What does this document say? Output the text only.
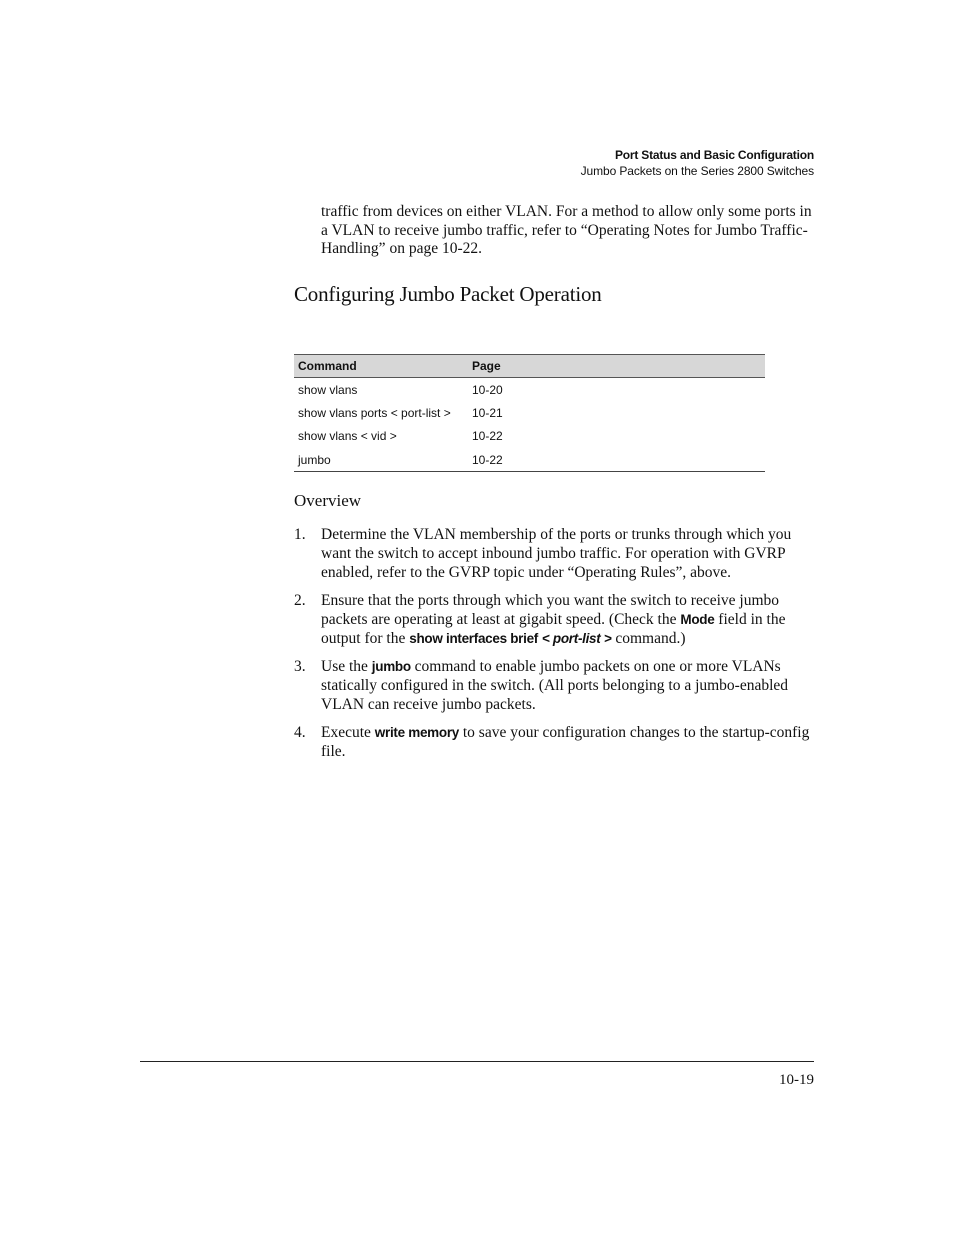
Port Status and Basic Configuration
Jumbo Packets on the Series 2800 Switches

traffic from devices on either VLAN. For a method to allow only some ports in a VLAN to receive jumbo traffic, refer to “Operating Notes for Jumbo Traffic-Handling” on page 10-22.

Configuring Jumbo Packet Operation
Command	Page
show vlans	10-20
show vlans ports < port-list >	10-21
show vlans < vid >	10-22
jumbo	10-22
Overview
1. Determine the VLAN membership of the ports or trunks through which you want the switch to accept inbound jumbo traffic. For operation with GVRP enabled, refer to the GVRP topic under “Operating Rules”, above.
2. Ensure that the ports through which you want the switch to receive jumbo packets are operating at least at gigabit speed. (Check the Mode field in the output for the show interfaces brief < port-list > command.)
3. Use the jumbo command to enable jumbo packets on one or more VLANs statically configured in the switch. (All ports belonging to a jumbo-enabled VLAN can receive jumbo packets.
4. Execute write memory to save your configuration changes to the startup-config file.
10-19
